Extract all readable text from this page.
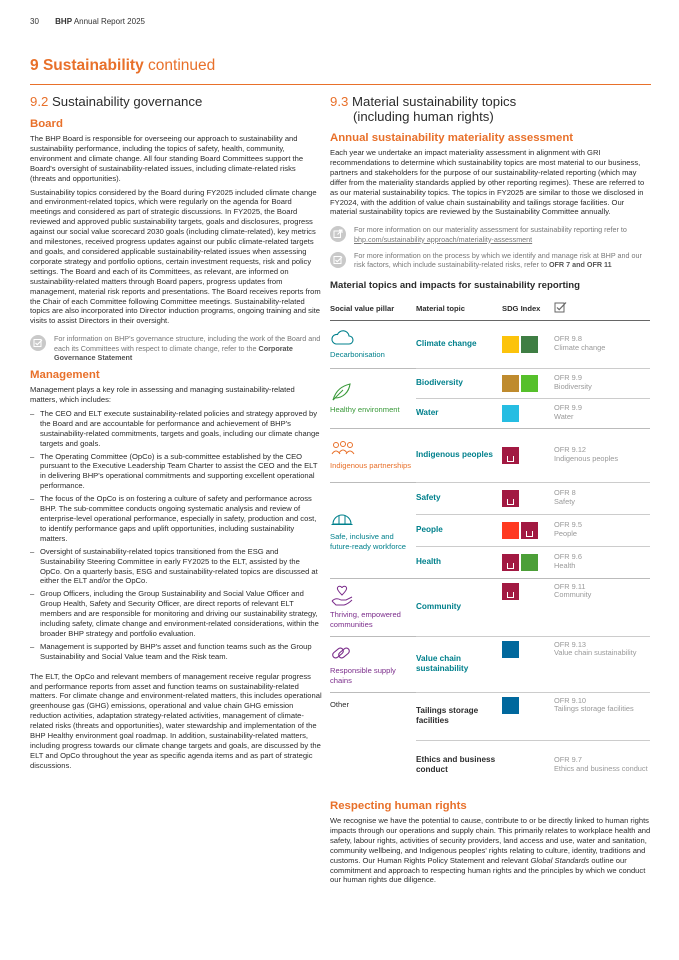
30 BHP Annual Report 2025
9 Sustainability continued
9.2 Sustainability governance
Board

The BHP Board is responsible for overseeing our approach to sustainability and sustainability performance, including the topics of safety, health, community, environment and climate change. All four standing Board Committees support the Board's oversight of sustainability-related issues, including climate-related risks (threats and opportunities).

Sustainability topics considered by the Board during FY2025 included climate change and environment-related topics, which were regularly on the agenda for Board meetings and considered as part of strategic discussions. In FY2025, the Board reviewed and approved public sustainability targets, goals and disclosures, progress against our social value scorecard 2030 goals (including climate-related), key metrics and milestones, received progress updates against our public climate-related targets and goals, and considered applicable sustainability-related issues when assessing corporate strategy and portfolio options, certain investment requests, risk and policy settings. The Board and each of its Committees, as relevant, are informed on sustainability-related matters through Board papers, progress updates from management, material risk reports and presentations. The Board receives reports from the Chair of each Committee following Committee meetings. Sustainability-related topics are also incorporated into Director induction programs, ongoing training and site visits to assist Directors in their oversight.

For information on BHP's governance structure, including the work of the Board and each its Committees with respect to climate change, refer to the Corporate Governance Statement
Management

Management plays a key role in assessing and managing sustainability-related matters, which includes:

– The CEO and ELT execute sustainability-related policies and strategy approved by the Board and are accountable for performance and achievement of BHP's sustainability-related commitments, targets and goals, including our climate change targets and goals.
– The Operating Committee (OpCo) is a sub-committee established by the CEO pursuant to the Executive Leadership Team Charter to assist the CEO and the ELT in delivering BHP's operational commitments and supporting excellent operational performance.
– The focus of the OpCo is on fostering a culture of safety and performance across BHP. The sub-committee conducts ongoing systematic analysis and review of enterprise-level operational performance, especially in safety, production and cost, to identify performance gaps and uplift opportunities, including sustainability matters.
– Oversight of sustainability-related topics transitioned from the ESG and Sustainability Steering Committee in early FY2025 to the ELT, assisted by the OpCo. On a quarterly basis, ESG and sustainability-related topics are discussed at either the ELT and/or the OpCo.
– Group Officers, including the Group Sustainability and Social Value Officer and Group Health, Safety and Security Officer, are direct reports of relevant ELT members and are responsible for monitoring and driving our sustainability strategy, including safety, climate change and environment-related considerations, within the broader BHP strategy and portfolio evaluation.
– Management is supported by BHP's asset and function teams such as the Group Sustainability and Social Value team and the Risk team.

The ELT, the OpCo and relevant members of management receive regular progress and performance reports from asset and function teams on sustainability-related matters. For climate change and environment-related matters, this includes operational greenhouse gas (GHG) emissions, operational and value chain GHG emission reduction activities, adaptation strategy-related activities, management of climate-related risks (threats and opportunities), water stewardship and implementation of the BHP Healthy environment goal roadmap. In addition, sustainability-related matters, including progress towards our climate change targets and goals, are discussed by the ELT and OpCo throughout the year as specific agenda items and as part of strategic discussions.

9.3 Material sustainability topics
(including human rights)
Annual sustainability materiality assessment

Each year we undertake an impact materiality assessment in alignment with GRI recommendations to determine which sustainability topics are most material to our business, partners and stakeholders for the purpose of our sustainability-related reporting (which may differ from the materiality standards applied by other reporting regimes). These are referred to as our material sustainability topics. The topics in FY2025 are similar to those we disclosed in FY2024, with the addition of value chain sustainability and tailings storage facilities. Our material sustainability topics are reviewed by the Sustainability Committee annually.

For more information on our materiality assessment for sustainability reporting refer to bhp.com/sustainability approach/materiality-assessment
For more information on the process by which we identify and manage risk at BHP and our risk factors, which include sustainability-related risks, refer to OFR 7 and OFR 11
Material topics and impacts for sustainability reporting
Social value pillar	Material topic	SDG Index	

Decarbonisation	Climate change		OFR 9.8
Climate change

Healthy environment	Biodiversity		OFR 9.9
Biodiversity

	Water		OFR 9.9
Water

Indigenous partnerships	Indigenous peoples		OFR 9.12
Indigenous peoples

Safe, inclusive and future-ready workforce	Safety		OFR 8
Safety

	People		OFR 9.5
People

	Health		OFR 9.6
Health

Thriving, empowered communities	Community		OFR 9.11
Community

Responsible supply chains	Value chain sustainability		OFR 9.13
Value chain sustainability

Other	Tailings storage facilities		OFR 9.10
Tailings storage facilities

	Ethics and business conduct		OFR 9.7
Ethics and business conduct
Respecting human rights

We recognise we have the potential to cause, contribute to or be directly linked to human rights impacts through our operations and supply chain. This primarily relates to workplace health and safety, labour rights, activities of security providers, land access and use, water and sanitation, community wellbeing, and Indigenous peoples' rights relating to culture, identity, traditions and customs. Our Human Rights Policy Statement and relevant Global Standards outline our commitment and approach to respecting human rights and the principles by which we conduct our human rights due diligence.
